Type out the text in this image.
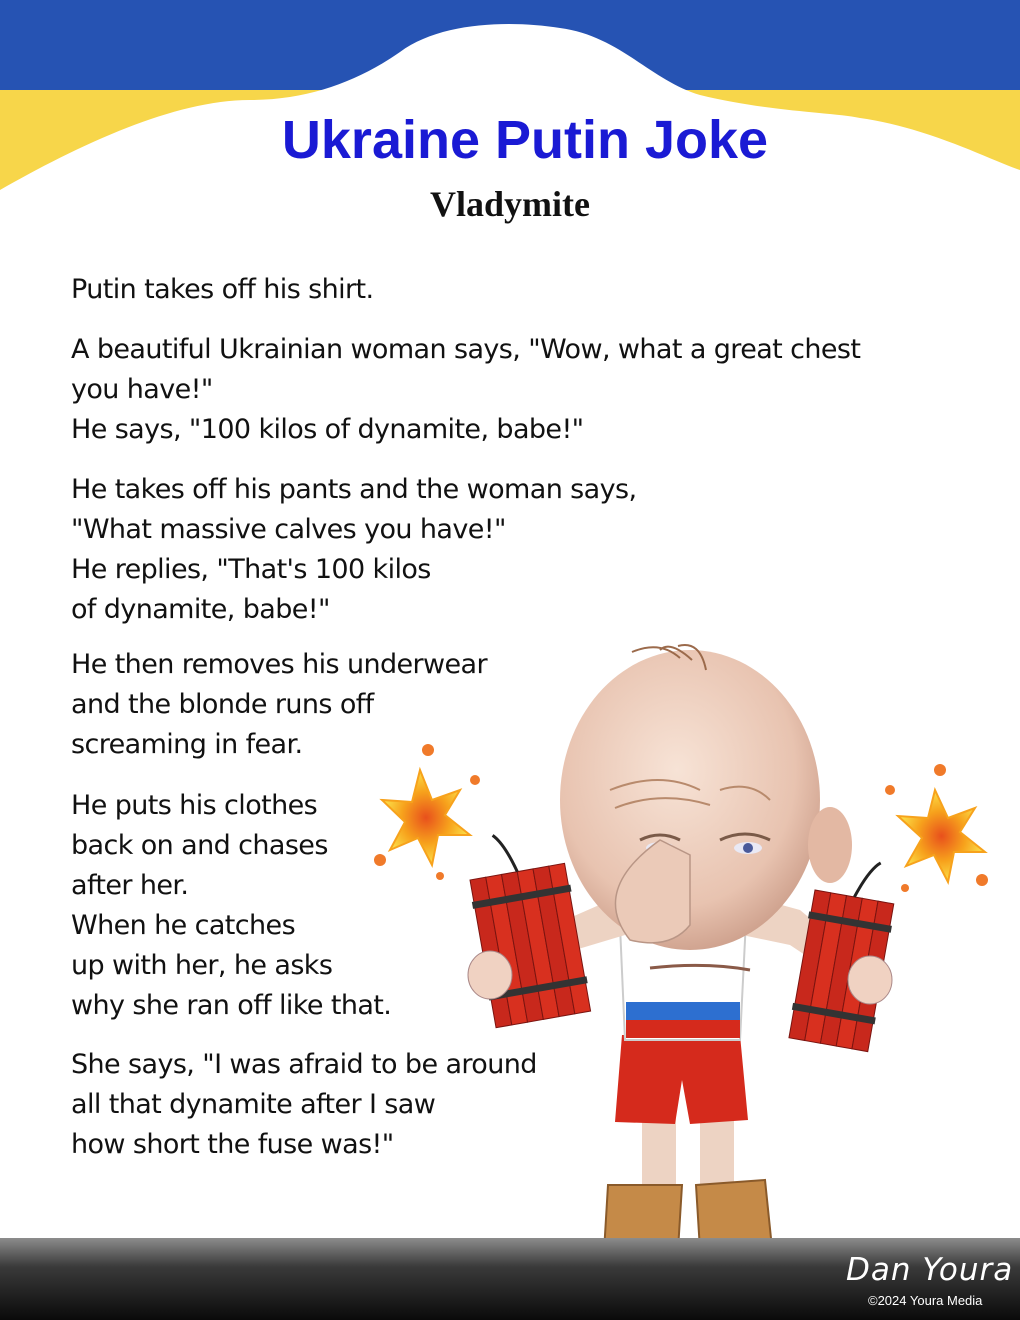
Ukraine Putin Joke
Vladymite
Putin takes off his shirt.
A beautiful Ukrainian woman says, "Wow, what a great chest
you have!"
He says, "100 kilos of dynamite, babe!"
He takes off his pants and the woman says,
"What massive calves you have!"
He replies, "That's 100 kilos
of dynamite, babe!"
He then removes his underwear
and the blonde runs off
screaming in fear.
He puts his clothes
back on and chases
after her.
When he catches
up with her, he asks
why she ran off like that.
She says, "I was afraid to be around
all that dynamite after I saw
how short the fuse was!"
Dan Youra
©2024 Youra Media
